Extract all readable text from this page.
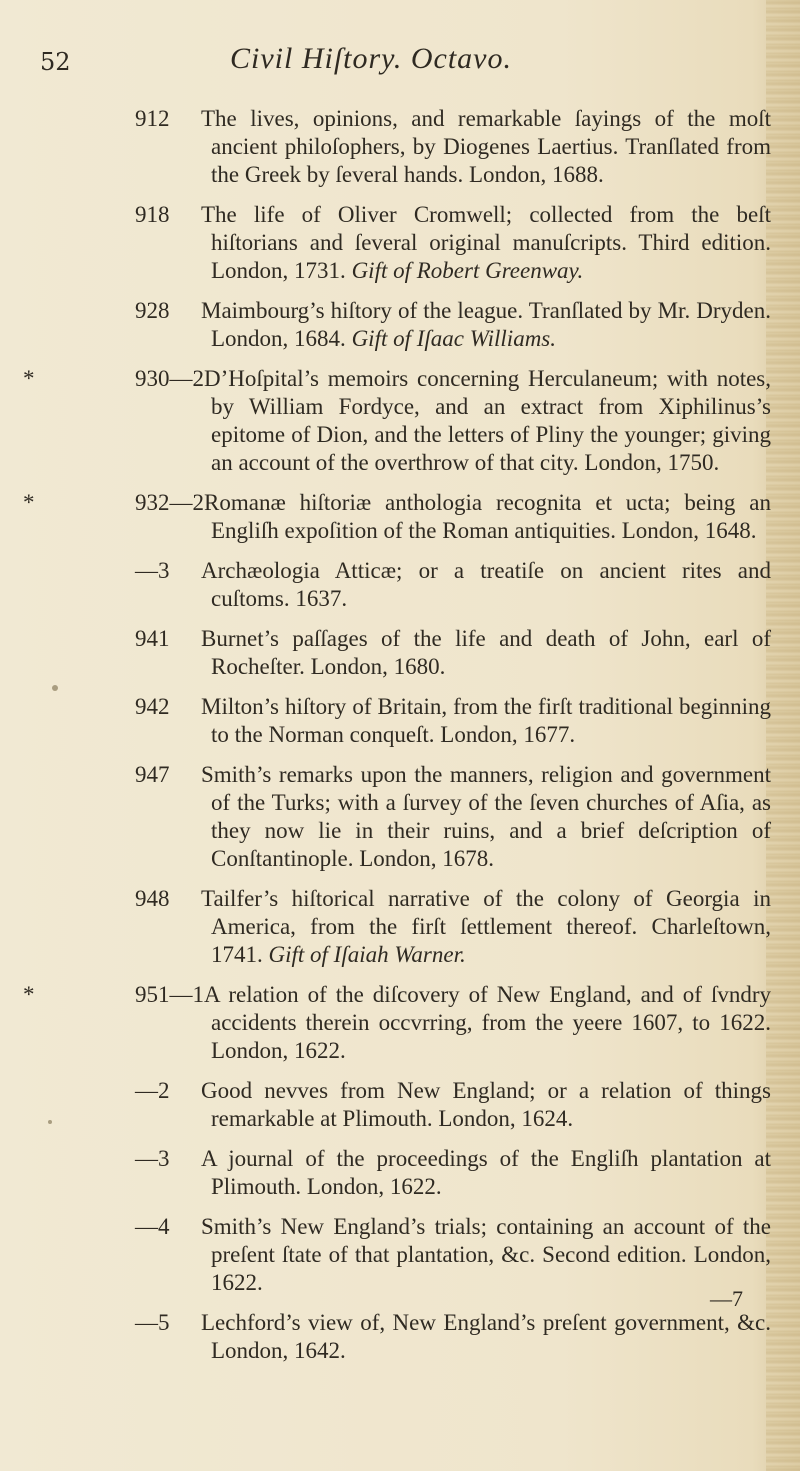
52	Civil Hiſtory. Octavo.
912 The lives, opinions, and remarkable ſayings of the moſt ancient philoſophers, by Diogenes Laertius. Tranſlated from the Greek by ſeveral hands. London, 1688.
918 The life of Oliver Cromwell; collected from the beſt hiſtorians and ſeveral original manuſcripts. Third edition. London, 1731. Gift of Robert Greenway.
928 Maimbourg’s hiſtory of the league. Tranſlated by Mr. Dryden. London, 1684. Gift of Iſaac Williams.
*	930—2D’Hoſpital’s memoirs concerning Herculaneum; with notes, by William Fordyce, and an extract from Xiphilinus’s epitome of Dion, and the letters of Pliny the younger; giving an account of the overthrow of that city. London, 1750.
*	932—2Romanæ hiſtoriæ anthologia recognita et ucta; being an Engliſh expoſition of the Roman antiquities. London, 1648.
—3 Archæologia Atticæ; or a treatiſe on ancient rites and cuſtoms. 1637.
941 Burnet’s paſſages of the life and death of John, earl of Rocheſter. London, 1680.
942 Milton’s hiſtory of Britain, from the firſt traditional beginning to the Norman conqueſt. London, 1677.
947 Smith’s remarks upon the manners, religion and government of the Turks; with a ſurvey of the ſeven churches of Aſia, as they now lie in their ruins, and a brief deſcription of Conſtantinople. London, 1678.
948 Tailfer’s hiſtorical narrative of the colony of Georgia in America, from the firſt ſettlement thereof. Charleſtown, 1741. Gift of Iſaiah Warner.
*	951—1A relation of the diſcovery of New England, and of ſvndry accidents therein occvrring, from the yeere 1607, to 1622. London, 1622.
—2 Good nevves from New England; or a relation of things remarkable at Plimouth. London, 1624.
—3 A journal of the proceedings of the Engliſh plantation at Plimouth. London, 1622.
—4 Smith’s New England’s trials; containing an account of the preſent ſtate of that plantation, &c. Second edition. London, 1622.
—5 Lechford’s view of, New England’s preſent government, &c. London, 1642.
—7
